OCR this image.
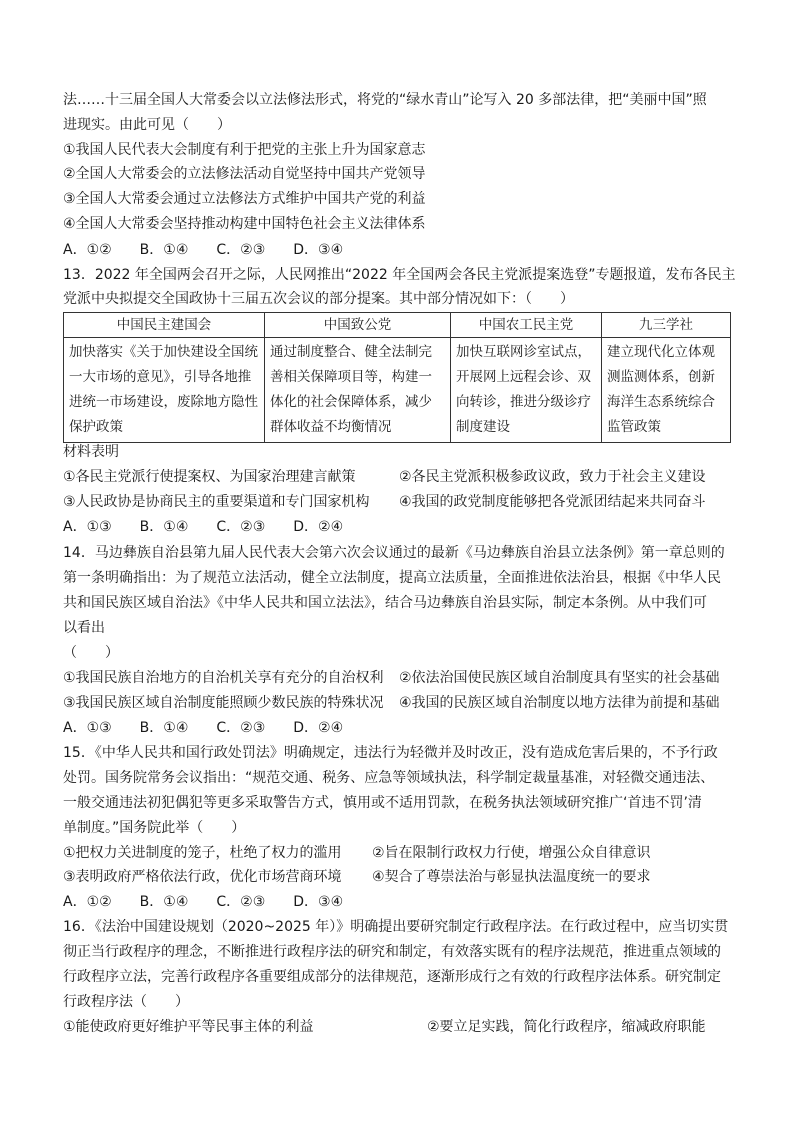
法……十三届全国人大常委会以立法修法形式，将党的“绿水青山”论写入 20 多部法律，把“美丽中国”照
进现实。由此可见（　　）
①我国人民代表大会制度有利于把党的主张上升为国家意志
②全国人大常委会的立法修法活动自觉坚持中国共产党领导
③全国人大常委会通过立法修法方式维护中国共产党的利益
④全国人大常委会坚持推动构建中国特色社会主义法律体系
A．①②　　B．①④　　C．②③　　D．③④
13．2022 年全国两会召开之际，人民网推出“2022 年全国两会各民主党派提案选登”专题报道，发布各民主
党派中央拟提交全国政协十三届五次会议的部分提案。其中部分情况如下：（　　）
中国民主建国会	中国致公党	中国农工民主党	九三学社
加快落实《关于加快建设全国统一大市场的意见》，引导各地推进统一市场建设，废除地方隐性保护政策	通过制度整合、健全法制完善相关保障项目等，构建一体化的社会保障体系，减少群体收益不均衡情况	加快互联网诊室试点，开展网上远程会诊、双向转诊，推进分级诊疗制度建设	建立现代化立体观测监测体系，创新海洋生态系统综合监管政策
材料表明
①各民主党派行使提案权、为国家治理建言献策	②各民主党派积极参政议政，致力于社会主义建设
③人民政协是协商民主的重要渠道和专门国家机构 ④我国的政党制度能够把各党派团结起来共同奋斗
A．①③　　B．①④　　C．②③　　D．②④
14．马边彝族自治县第九届人民代表大会第六次会议通过的最新《马边彝族自治县立法条例》第一章总则的
第一条明确指出：为了规范立法活动，健全立法制度，提高立法质量，全面推进依法治县，根据《中华人民
共和国民族区域自治法》《中华人民共和国立法法》，结合马边彝族自治县实际，制定本条例。从中我们可
以看出
（　　）
①我国民族自治地方的自治机关享有充分的自治权利 ②依法治国使民族区域自治制度具有坚实的社会基础
③我国民族区域自治制度能照顾少数民族的特殊状况 ④我国的民族区域自治制度以地方法律为前提和基础
A．①③　　B．①④　　C．②③　　D．②④
15．《中华人民共和国行政处罚法》明确规定，违法行为轻微并及时改正，没有造成危害后果的，不予行政
处罚。国务院常务会议指出：“规范交通、税务、应急等领域执法，科学制定裁量基准，对轻微交通违法、
一般交通违法初犯偶犯等更多采取警告方式，慎用或不适用罚款，在税务执法领域研究推广‘首违不罚’清
单制度。”国务院此举（　　）
①把权力关进制度的笼子，杜绝了权力的滥用 ②旨在限制行政权力行使，增强公众自律意识
③表明政府严格依法行政，优化市场营商环境 ④契合了尊崇法治与彰显执法温度统一的要求
A．①②　　B．①④　　C．②③　　D．③④
16．《法治中国建设规划（2020~2025 年）》明确提出要研究制定行政程序法。在行政过程中，应当切实贯
彻正当行政程序的理念，不断推进行政程序法的研究和制定，有效落实既有的程序法规范，推进重点领域的
行政程序立法，完善行政程序各重要组成部分的法律规范，逐渐形成行之有效的行政程序法体系。研究制定
行政程序法（　　）
①能使政府更好维护平等民事主体的利益	②要立足实践，简化行政程序，缩减政府职能
